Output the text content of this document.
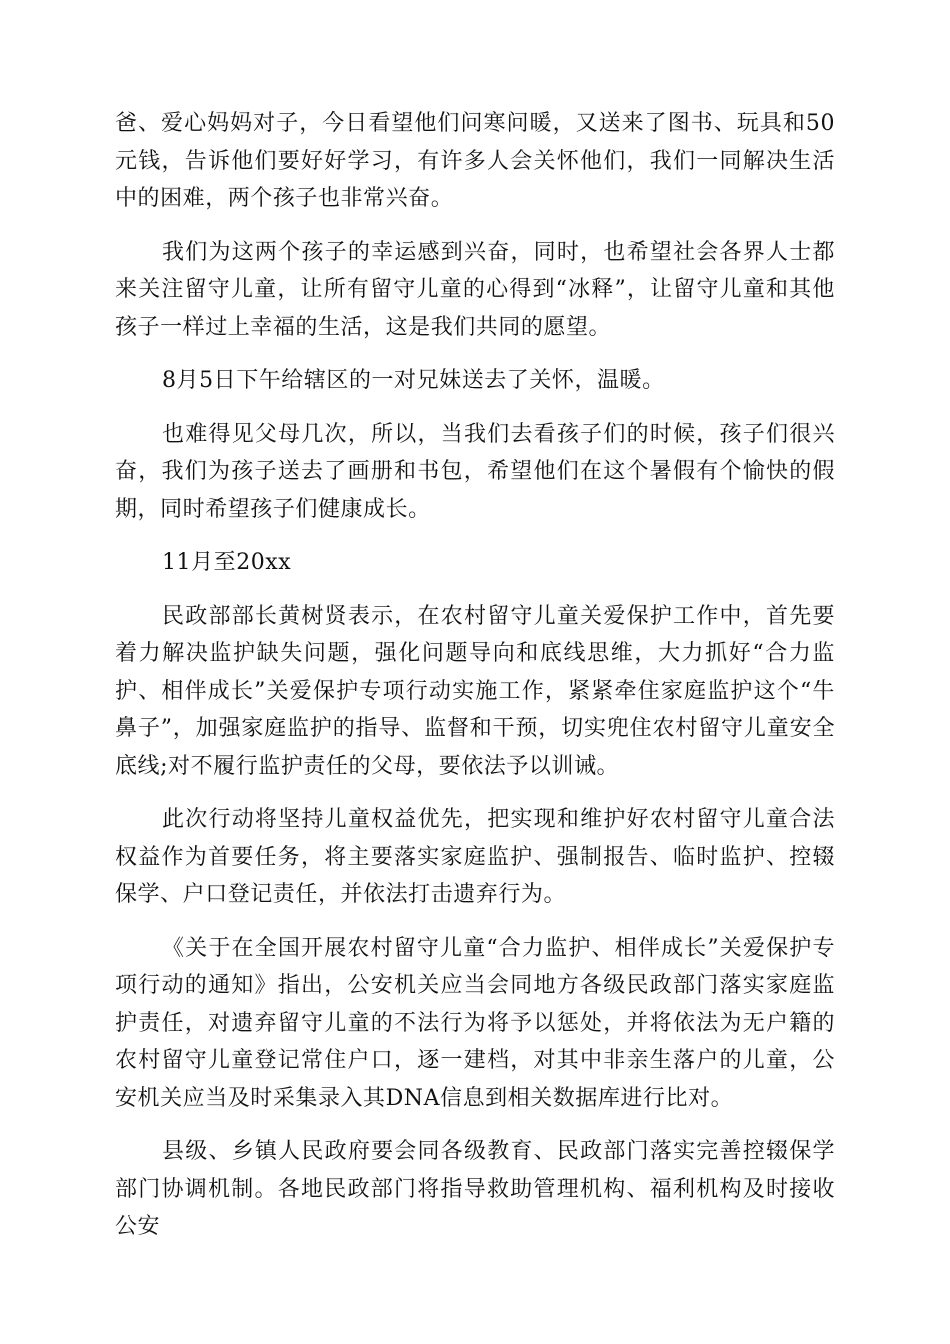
爸、爱心妈妈对子，今日看望他们问寒问暖，又送来了图书、玩具和50元钱，告诉他们要好好学习，有许多人会关怀他们，我们一同解决生活中的困难，两个孩子也非常兴奋。

我们为这两个孩子的幸运感到兴奋，同时，也希望社会各界人士都来关注留守儿童，让所有留守儿童的心得到“冰释”，让留守儿童和其他孩子一样过上幸福的生活，这是我们共同的愿望。

8月5日下午给辖区的一对兄妹送去了关怀，温暖。

也难得见父母几次，所以，当我们去看孩子们的时候，孩子们很兴奋，我们为孩子送去了画册和书包，希望他们在这个暑假有个愉快的假期，同时希望孩子们健康成长。

11月至20xx

民政部部长黄树贤表示，在农村留守儿童关爱保护工作中，首先要着力解决监护缺失问题，强化问题导向和底线思维，大力抓好“合力监护、相伴成长”关爱保护专项行动实施工作，紧紧牵住家庭监护这个“牛鼻子”，加强家庭监护的指导、监督和干预，切实兜住农村留守儿童安全底线;对不履行监护责任的父母，要依法予以训诫。

此次行动将坚持儿童权益优先，把实现和维护好农村留守儿童合法权益作为首要任务，将主要落实家庭监护、强制报告、临时监护、控辍保学、户口登记责任，并依法打击遗弃行为。

《关于在全国开展农村留守儿童“合力监护、相伴成长”关爱保护专项行动的通知》指出，公安机关应当会同地方各级民政部门落实家庭监护责任，对遗弃留守儿童的不法行为将予以惩处，并将依法为无户籍的农村留守儿童登记常住户口，逐一建档，对其中非亲生落户的儿童，公安机关应当及时采集录入其DNA信息到相关数据库进行比对。

县级、乡镇人民政府要会同各级教育、民政部门落实完善控辍保学部门协调机制。各地民政部门将指导救助管理机构、福利机构及时接收公安
